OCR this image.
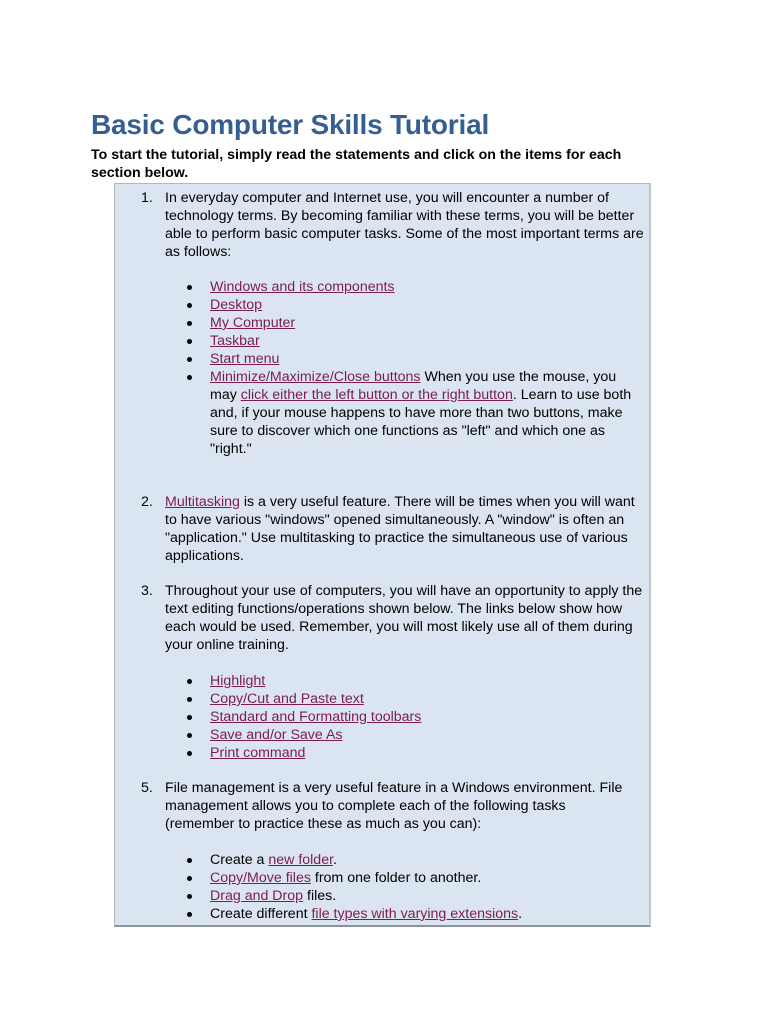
Basic Computer Skills Tutorial

To start the tutorial, simply read the statements and click on the items for each section below.

1. In everyday computer and Internet use, you will encounter a number of technology terms. By becoming familiar with these terms, you will be better able to perform basic computer tasks. Some of the most important terms are as follows:

Windows and its components
Desktop
My Computer
Taskbar
Start menu
Minimize/Maximize/Close buttons When you use the mouse, you may click either the left button or the right button. Learn to use both and, if your mouse happens to have more than two buttons, make sure to discover which one functions as "left" and which one as "right."
2. Multitasking is a very useful feature. There will be times when you will want to have various "windows" opened simultaneously. A "window" is often an "application." Use multitasking to practice the simultaneous use of various applications.

3. Throughout your use of computers, you will have an opportunity to apply the text editing functions/operations shown below. The links below show how each would be used. Remember, you will most likely use all of them during your online training.

Highlight
Copy/Cut and Paste text
Standard and Formatting toolbars
Save and/or Save As
Print command
5. File management is a very useful feature in a Windows environment. File management allows you to complete each of the following tasks (remember to practice these as much as you can):

Create a new folder.
Copy/Move files from one folder to another.
Drag and Drop files.
Create different file types with varying extensions.
